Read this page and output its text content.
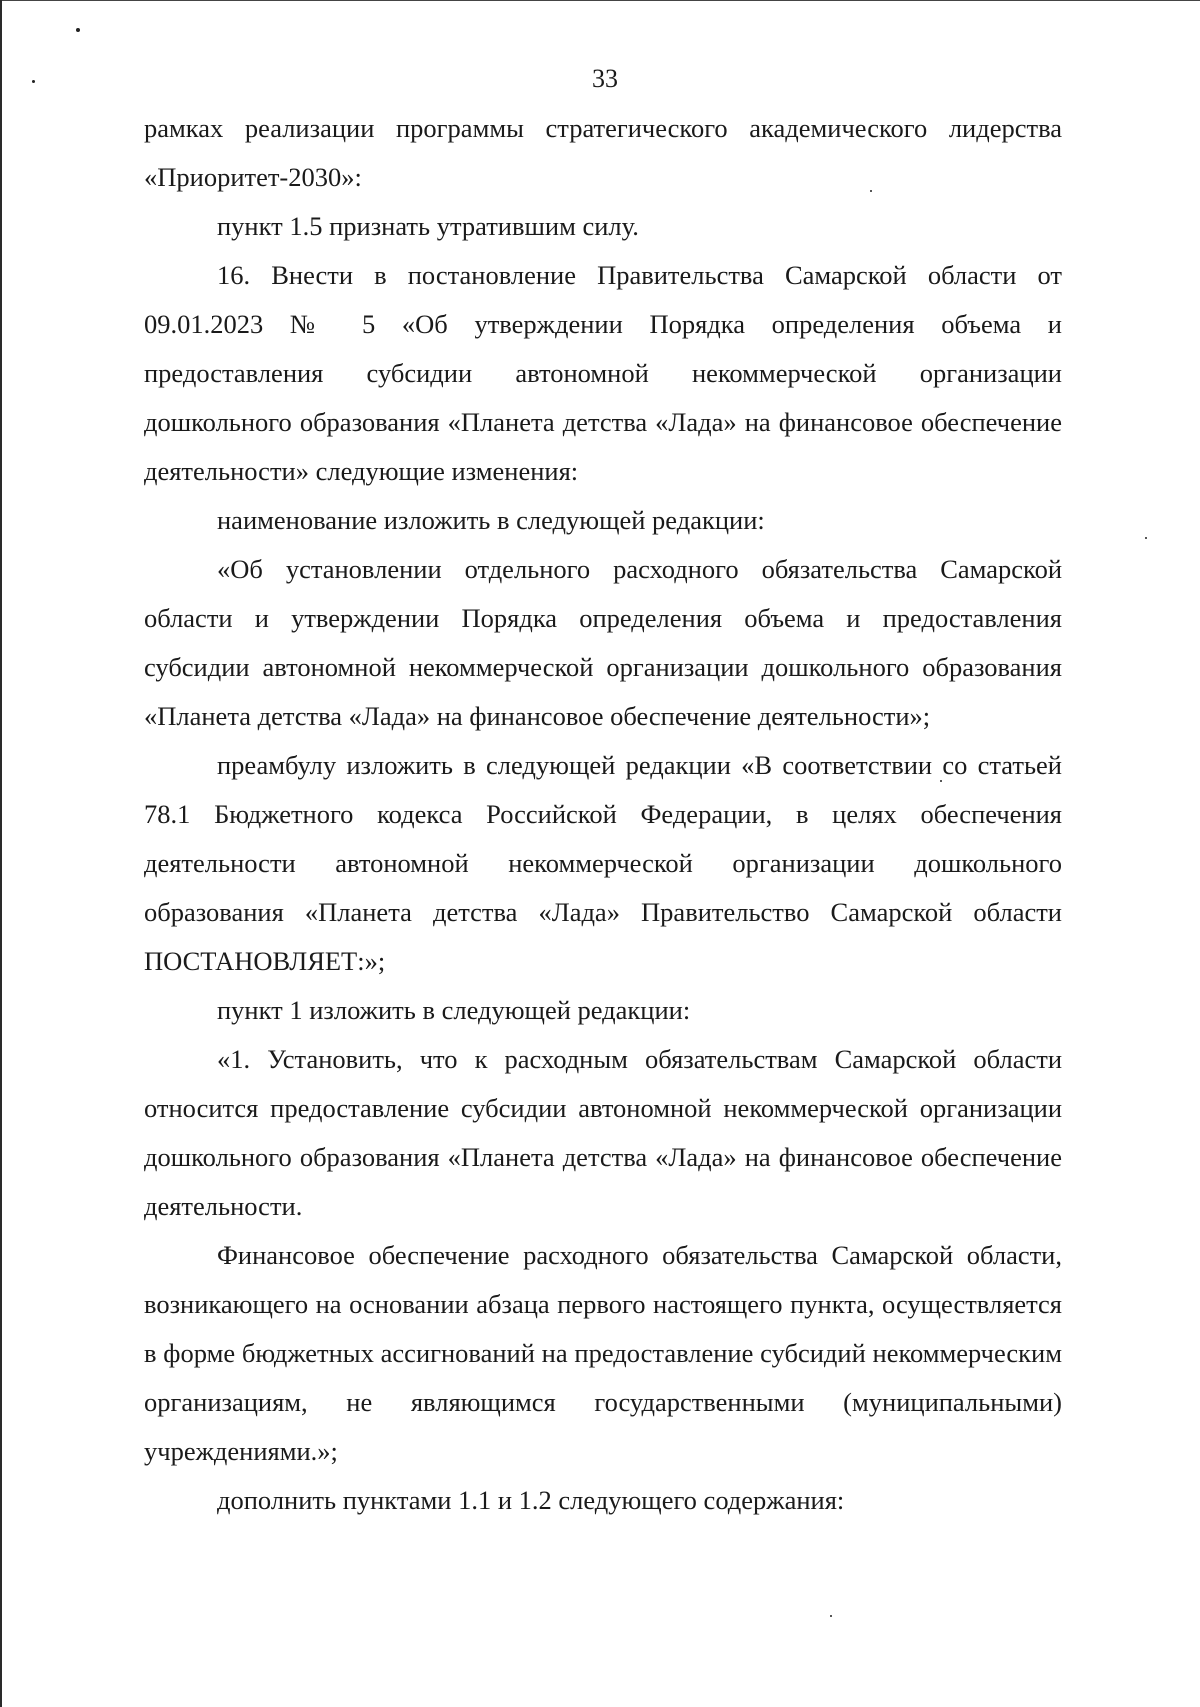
33

рамках реализации программы стратегического академического лидерства «Приоритет-2030»:

пункт 1.5 признать утратившим силу.

16. Внести в постановление Правительства Самарской области от 09.01.2023 № 5 «Об утверждении Порядка определения объема и предоставления субсидии автономной некоммерческой организации дошкольного образования «Планета детства «Лада» на финансовое обеспечение деятельности» следующие изменения:

наименование изложить в следующей редакции:

«Об установлении отдельного расходного обязательства Самарской области и утверждении Порядка определения объема и предоставления субсидии автономной некоммерческой организации дошкольного образования «Планета детства «Лада» на финансовое обеспечение деятельности»;

преамбулу изложить в следующей редакции «В соответствии со статьей 78.1 Бюджетного кодекса Российской Федерации, в целях обеспечения деятельности автономной некоммерческой организации дошкольного образования «Планета детства «Лада» Правительство Самарской области ПОСТАНОВЛЯЕТ:»;

пункт 1 изложить в следующей редакции:

«1. Установить, что к расходным обязательствам Самарской области относится предоставление субсидии автономной некоммерческой организации дошкольного образования «Планета детства «Лада» на финансовое обеспечение деятельности.

Финансовое обеспечение расходного обязательства Самарской области, возникающего на основании абзаца первого настоящего пункта, осуществляется в форме бюджетных ассигнований на предоставление субсидий некоммерческим организациям, не являющимся государственными (муниципальными) учреждениями.»;

дополнить пунктами 1.1 и 1.2 следующего содержания:
